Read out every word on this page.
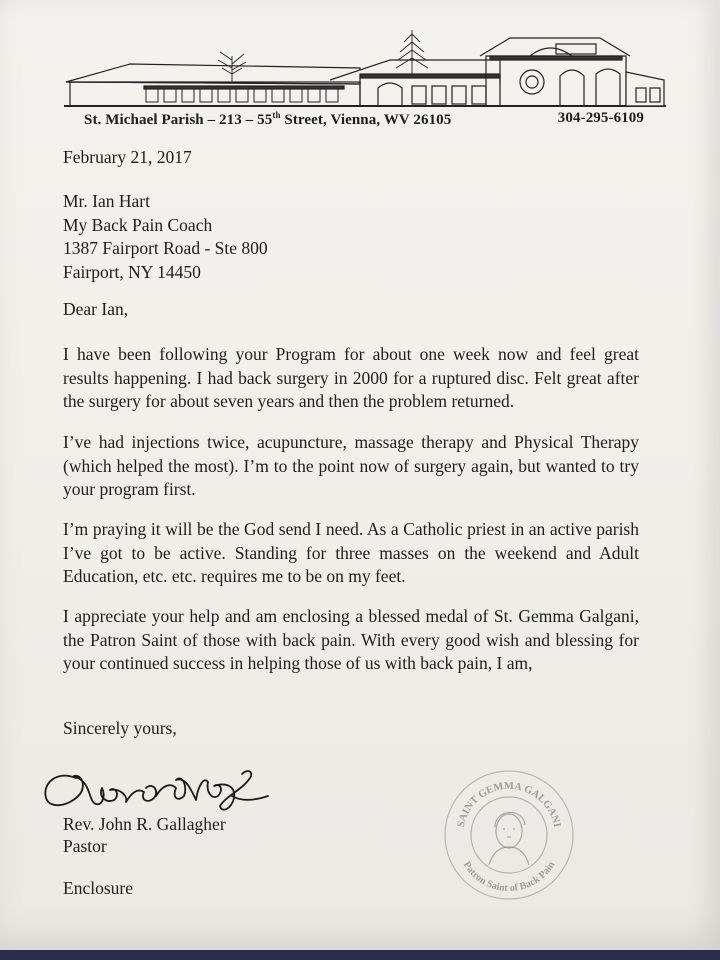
St. Michael Parish – 213 – 55th Street, Vienna, WV 26105	304-295-6109
February 21, 2017
Mr. Ian Hart
My Back Pain Coach
1387 Fairport Road - Ste 800
Fairport, NY 14450
Dear Ian,
I have been following your Program for about one week now and feel great results happening. I had back surgery in 2000 for a ruptured disc. Felt great after the surgery for about seven years and then the problem returned.
I’ve had injections twice, acupuncture, massage therapy and Physical Therapy (which helped the most). I’m to the point now of surgery again, but wanted to try your program first.
I’m praying it will be the God send I need. As a Catholic priest in an active parish I’ve got to be active. Standing for three masses on the weekend and Adult Education, etc. etc. requires me to be on my feet.
I appreciate your help and am enclosing a blessed medal of St. Gemma Galgani, the Patron Saint of those with back pain. With every good wish and blessing for your continued success in helping those of us with back pain, I am,
Sincerely yours,
Rev. John R. Gallagher
Pastor
Enclosure
SAINT GEMMA GALGANI
Patron Saint of Back Pain
